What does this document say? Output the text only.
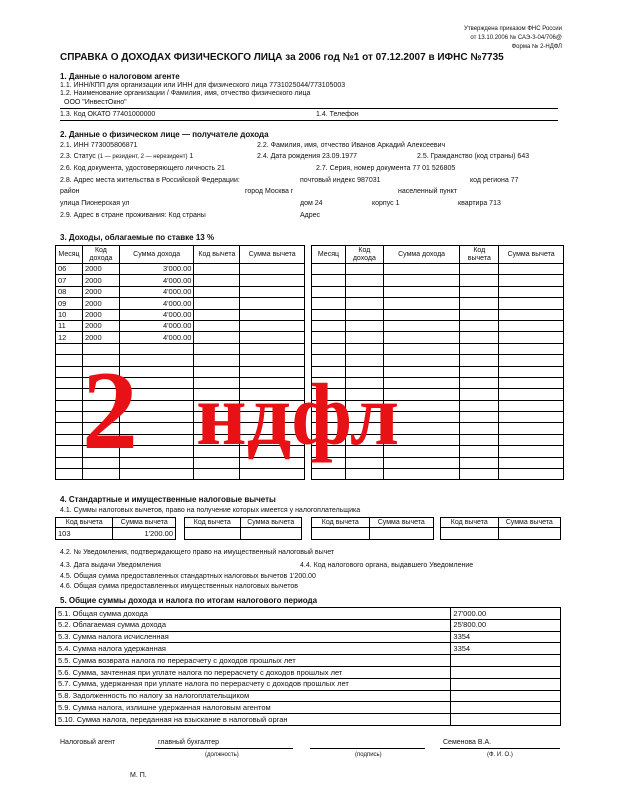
Утверждена приказом ФНС России
от 13.10.2006 № САЭ-3-04/706@
Форма № 2-НДФЛ
СПРАВКА О ДОХОДАХ ФИЗИЧЕСКОГО ЛИЦА за 2006 год №1 от 07.12.2007 в ИФНС №7735
1. Данные о налоговом агенте
1.1. ИНН/КПП для организации или ИНН для физического лица 7731025044/773105003
1.2. Наименование организации / Фамилия, имя, отчество физического лица
ООО "ИнвестОкно"
1.3. Код ОКАТО 77401000000	1.4. Телефон
2. Данные о физическом лице — получателе дохода
2.1. ИНН 773005806871	2.2. Фамилия, имя, отчество Иванов Аркадий Алексеевич
2.3. Статус (1 — резидент, 2 — нерезидент) 1	2.4. Дата рождения 23.09.1977	2.5. Гражданство (код страны) 643
2.6. Код документа, удостоверяющего личность 21	2.7. Серия, номер документа 77 01 526805
2.8. Адрес места жительства в Российской Федерации:	почтовый индекс 987031	код региона 77
район	город Москва г	населенный пункт
улица Пионерская ул	дом 24	корпус 1	квартира 713
2.9. Адрес в стране проживания: Код страны	Адрес
3. Доходы, облагаемые по ставке 13 %
Месяц	Код дохода	Сумма дохода	Код вычета	Сумма вычета
06	2000	3'000.00		
07	2000	4'000.00		
08	2000	4'000.00		
09	2000	4'000.00		
10	2000	4'000.00		
11	2000	4'000.00		
12	2000	4'000.00		

Месяц	Код дохода	Сумма дохода	Код вычета	Сумма вычета

2 ндфл
4. Стандартные и имущественные налоговые вычеты
4.1. Суммы налоговых вычетов, право на получение которых имеется у налогоплательщика
Код вычета	Сумма вычета
103	1'200.00
Код вычета	Сумма вычета
		Код вычета	Сумма вычета
		Код вычета	Сумма вычета

4.2. № Уведомления, подтверждающего право на имущественный налоговый вычет
4.3. Дата выдачи Уведомления	4.4. Код налогового органа, выдавшего Уведомление
4.5. Общая сумма предоставленных стандартных налоговых вычетов 1'200.00
4.6. Общая сумма предоставленных имущественных налоговых вычетов
5. Общие суммы дохода и налога по итогам налогового периода
5.1. Общая сумма дохода	27'000.00
5.2. Облагаемая сумма дохода	25'800.00
5.3. Сумма налога исчисленная	3354
5.4. Сумма налога удержанная	3354
5.5. Сумма возврата налога по перерасчету с доходов прошлых лет	
5.6. Сумма, зачтенная при уплате налога по перерасчету с доходов прошлых лет	
5.7. Сумма, удержанная при уплате налога по перерасчету с доходов прошлых лет	
5.8. Задолженность по налогу за налогоплательщиком	
5.9. Сумма налога, излишне удержанная налоговым агентом	
5.10. Сумма налога, переданная на взыскание в налоговый орган	
Налоговый агент	главный бухгалтер	Семенова В.А.
(должность)	(подпись)	(Ф. И. О.)
М. П.
